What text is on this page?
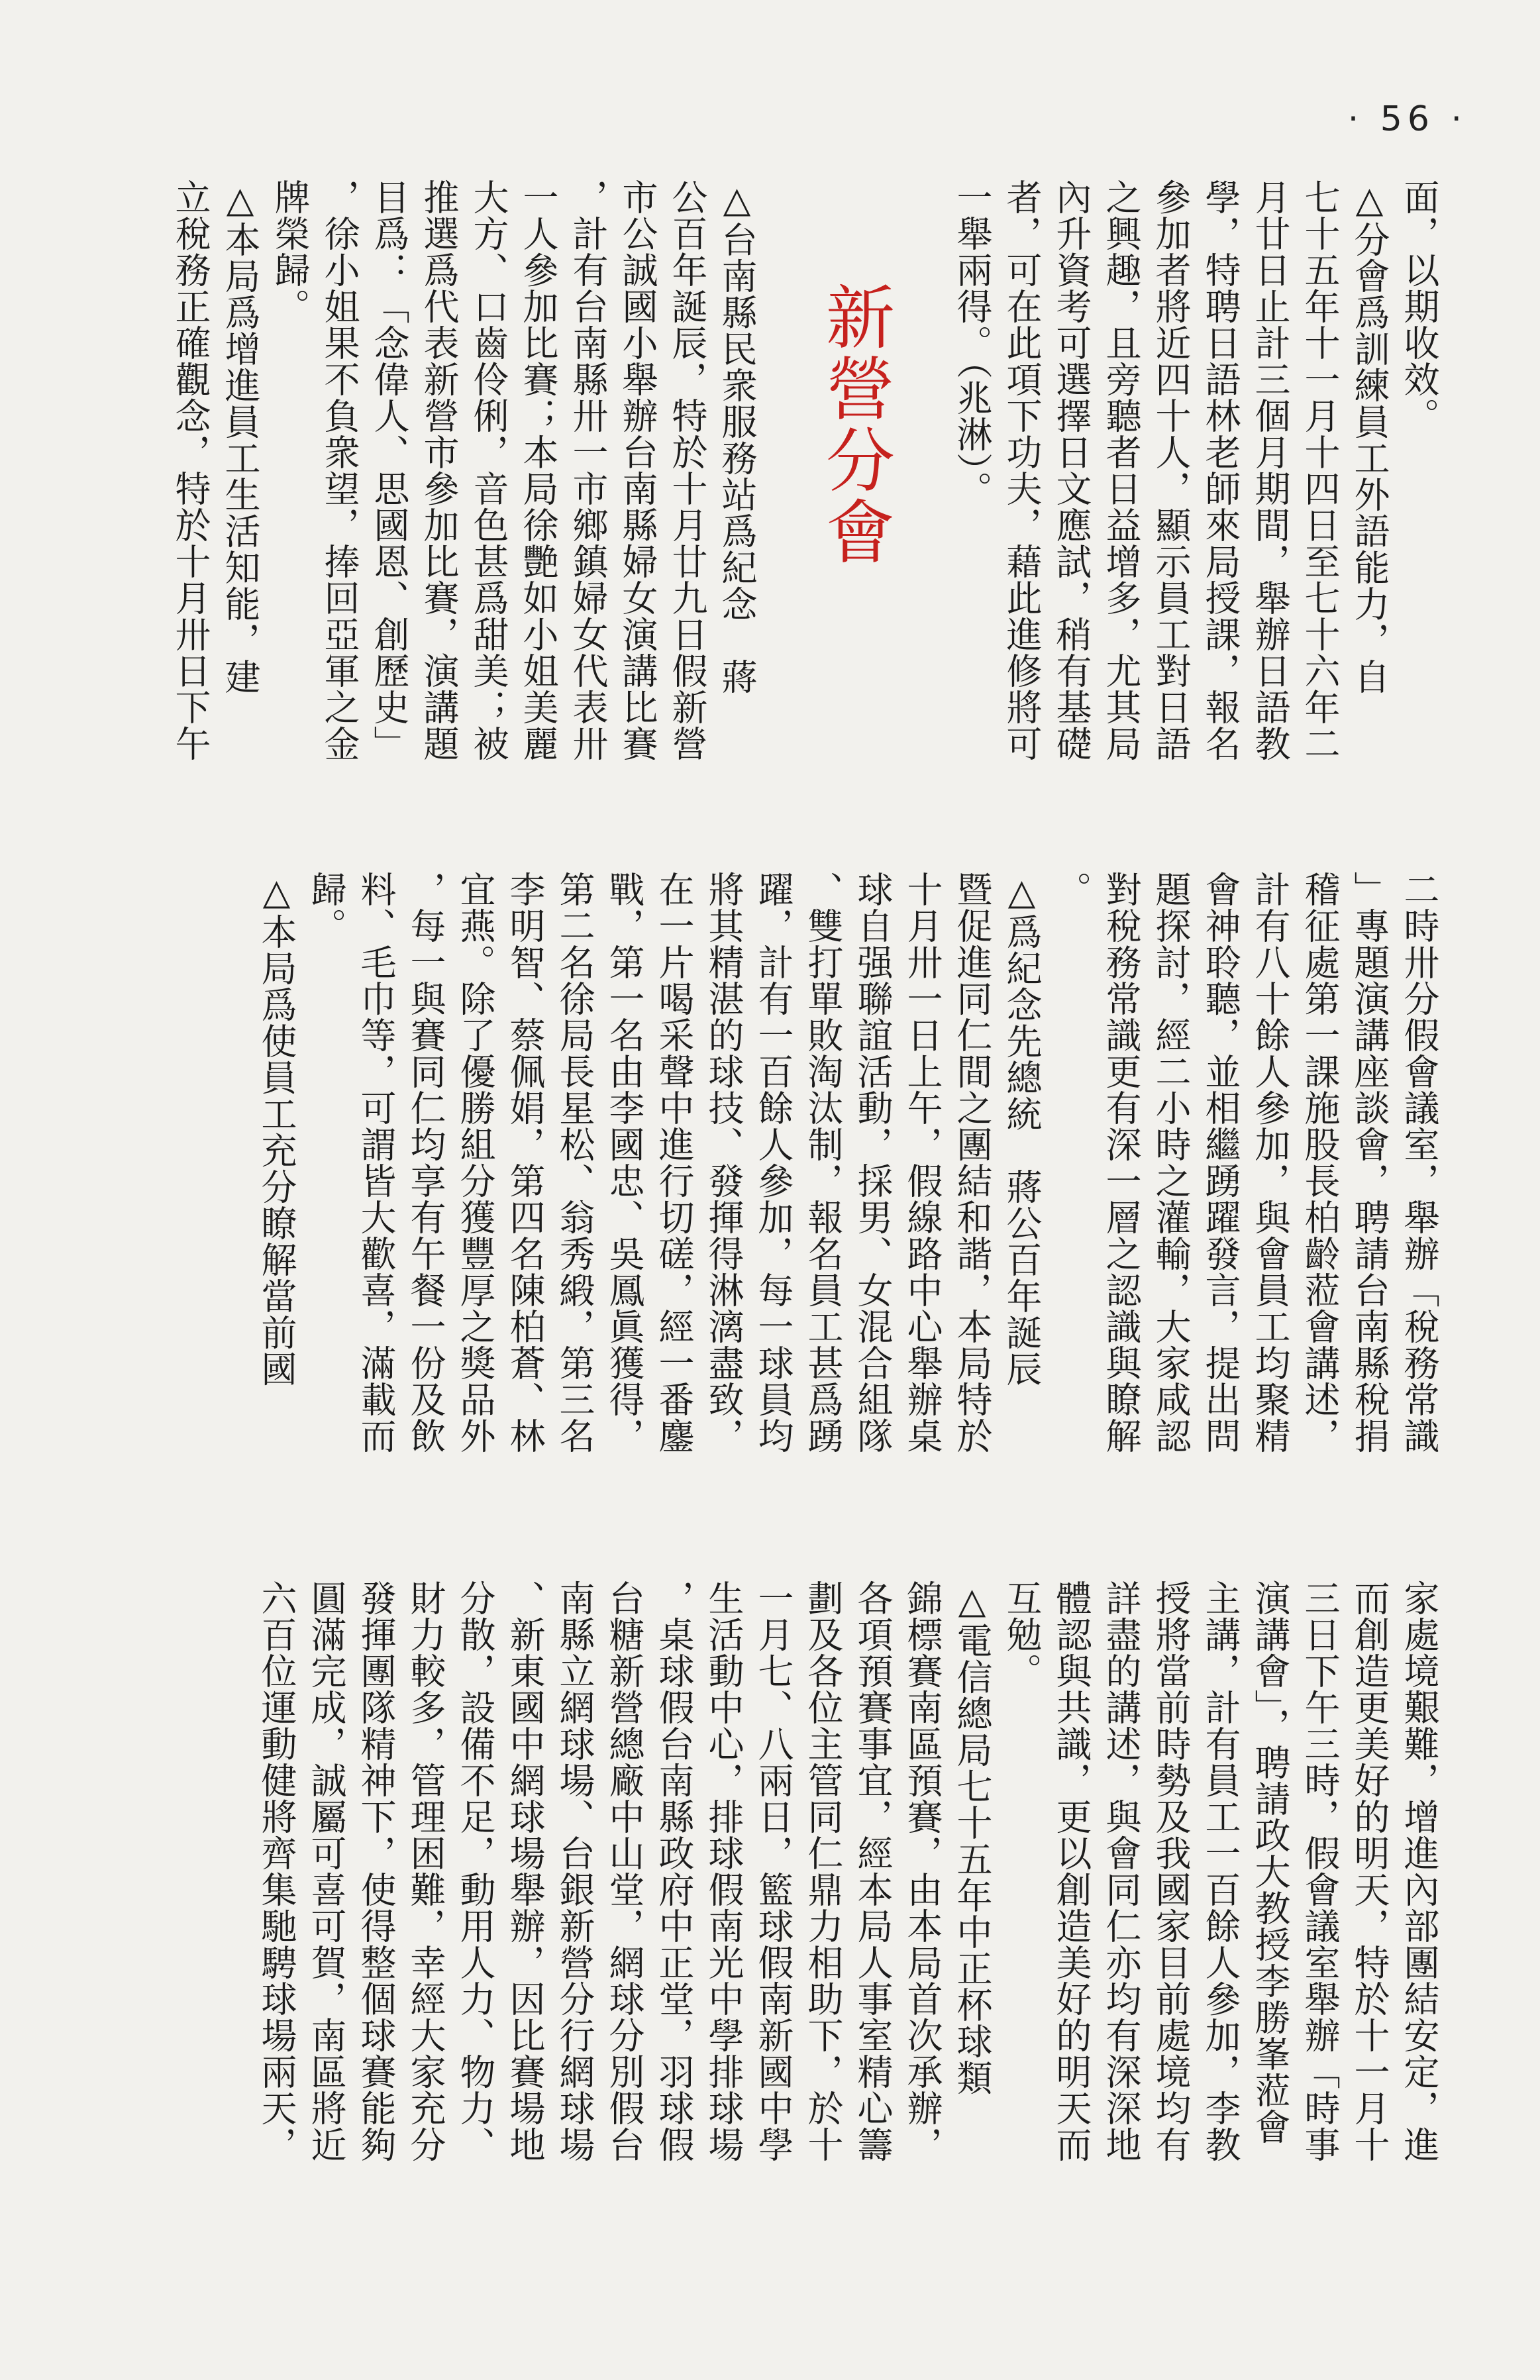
· 56 ·
面，以期收效。
△分會爲訓練員工外語能力，自
七十五年十一月十四日至七十六年二
月廿日止計三個月期間，舉辦日語教
學，特聘日語林老師來局授課，報名
參加者將近四十人，顯示員工對日語
之興趣，且旁聽者日益增多，尤其局
內升資考可選擇日文應試，稍有基礎
者，可在此項下功夫，藉此進修將可
一舉兩得。（兆淋）。
新營分會
△台南縣民衆服務站爲紀念　蔣
公百年誕辰，特於十月廿九日假新營
市公誠國小舉辦台南縣婦女演講比賽
，計有台南縣卅一市鄉鎮婦女代表卅
一人參加比賽；本局徐艷如小姐美麗
大方、口齒伶俐，音色甚爲甜美；被
推選爲代表新營市參加比賽，演講題
目爲：「念偉人、思國恩、創歷史」
，徐小姐果不負衆望，捧回亞軍之金
牌榮歸。
△本局爲增進員工生活知能，建
立稅務正確觀念，特於十月卅日下午
二時卅分假會議室，舉辦「稅務常識
」專題演講座談會，聘請台南縣稅捐
稽征處第一課施股長柏齡蒞會講述，
計有八十餘人參加，與會員工均聚精
會神聆聽，並相繼踴躍發言，提出問
題探討，經二小時之灌輸，大家咸認
對稅務常識更有深一層之認識與瞭解
。
△爲紀念先總統　蔣公百年誕辰
暨促進同仁間之團結和諧，本局特於
十月卅一日上午，假線路中心舉辦桌
球自强聯誼活動，採男、女混合組隊
、雙打單敗淘汰制，報名員工甚爲踴
躍，計有一百餘人參加，每一球員均
將其精湛的球技、發揮得淋漓盡致，
在一片喝采聲中進行切磋，經一番鏖
戰，第一名由李國忠、吳鳳眞獲得，
第二名徐局長星松、翁秀緞，第三名
李明智、蔡佩娟，第四名陳柏蒼、林
宜燕。除了優勝組分獲豐厚之獎品外
，每一與賽同仁均享有午餐一份及飲
料、毛巾等，可謂皆大歡喜，滿載而
歸。
△本局爲使員工充分瞭解當前國
家處境艱難，增進內部團結安定，進
而創造更美好的明天，特於十一月十
三日下午三時，假會議室舉辦「時事
演講會」，聘請政大教授李勝峯蒞會
主講，計有員工一百餘人參加，李教
授將當前時勢及我國家目前處境均有
詳盡的講述，與會同仁亦均有深深地
體認與共識，更以創造美好的明天而
互勉。
△電信總局七十五年中正杯球類
錦標賽南區預賽，由本局首次承辦，
各項預賽事宜，經本局人事室精心籌
劃及各位主管同仁鼎力相助下，於十
一月七、八兩日，籃球假南新國中學
生活動中心，排球假南光中學排球場
，桌球假台南縣政府中正堂，羽球假
台糖新營總廠中山堂，網球分別假台
南縣立網球場、台銀新營分行網球場
、新東國中網球場舉辦，因比賽場地
分散，設備不足，動用人力、物力、
財力較多，管理困難，幸經大家充分
發揮團隊精神下，使得整個球賽能夠
圓滿完成，誠屬可喜可賀，南區將近
六百位運動健將齊集馳騁球場兩天，
